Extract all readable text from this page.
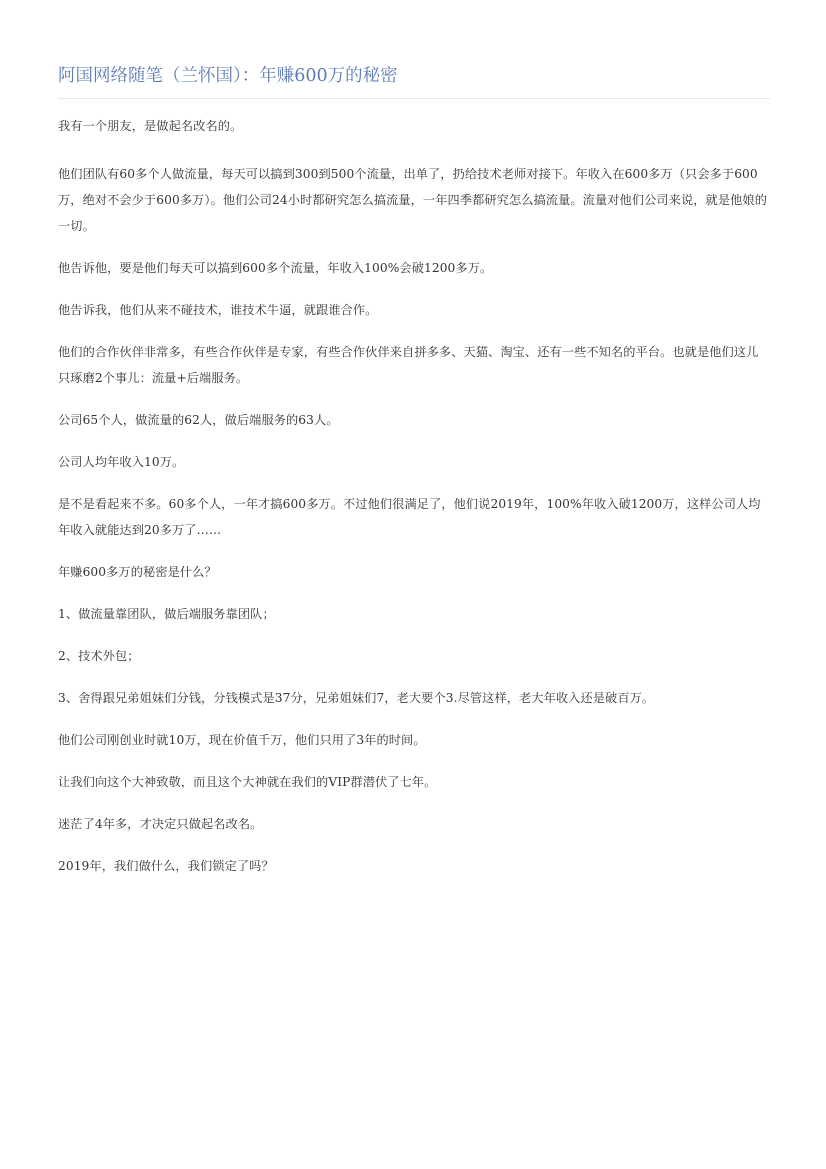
阿国网络随笔（兰怀国）：年赚600万的秘密

我有一个朋友，是做起名改名的。

他们团队有60多个人做流量，每天可以搞到300到500个流量，出单了，扔给技术老师对接下。年收入在600多万（只会多于600万，绝对不会少于600多万）。他们公司24小时都研究怎么搞流量，一年四季都研究怎么搞流量。流量对他们公司来说，就是他娘的一切。

他告诉他，要是他们每天可以搞到600多个流量，年收入100%会破1200多万。

他告诉我，他们从来不碰技术，谁技术牛逼，就跟谁合作。

他们的合作伙伴非常多，有些合作伙伴是专家，有些合作伙伴来自拼多多、天猫、淘宝、还有一些不知名的平台。也就是他们这儿只琢磨2个事儿：流量+后端服务。

公司65个人，做流量的62人，做后端服务的63人。

公司人均年收入10万。

是不是看起来不多。60多个人，一年才搞600多万。不过他们很满足了，他们说2019年，100%年收入破1200万，这样公司人均年收入就能达到20多万了……

年赚600多万的秘密是什么？

1、做流量靠团队，做后端服务靠团队；

2、技术外包；

3、舍得跟兄弟姐妹们分钱，分钱模式是37分，兄弟姐妹们7，老大要个3.尽管这样，老大年收入还是破百万。

他们公司刚创业时就10万，现在价值千万，他们只用了3年的时间。

让我们向这个大神致敬，而且这个大神就在我们的VIP群潜伏了七年。

迷茫了4年多，才决定只做起名改名。

2019年，我们做什么，我们锁定了吗？
